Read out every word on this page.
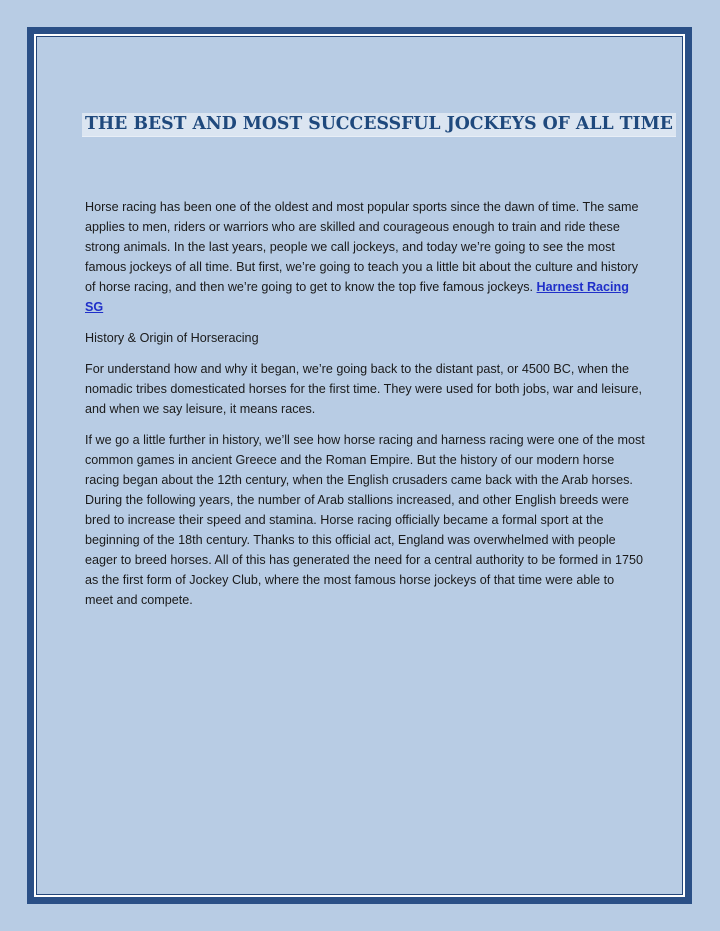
THE BEST AND MOST SUCCESSFUL JOCKEYS OF ALL TIME

Horse racing has been one of the oldest and most popular sports since the dawn of time. The same applies to men, riders or warriors who are skilled and courageous enough to train and ride these strong animals. In the last years, people we call jockeys, and today we’re going to see the most famous jockeys of all time. But first, we’re going to teach you a little bit about the culture and history of horse racing, and then we’re going to get to know the top five famous jockeys. Harnest Racing SG

History & Origin of Horseracing

For understand how and why it began, we’re going back to the distant past, or 4500 BC, when the nomadic tribes domesticated horses for the first time. They were used for both jobs, war and leisure, and when we say leisure, it means races.

If we go a little further in history, we’ll see how horse racing and harness racing were one of the most common games in ancient Greece and the Roman Empire. But the history of our modern horse racing began about the 12th century, when the English crusaders came back with the Arab horses. During the following years, the number of Arab stallions increased, and other English breeds were bred to increase their speed and stamina. Horse racing officially became a formal sport at the beginning of the 18th century. Thanks to this official act, England was overwhelmed with people eager to breed horses. All of this has generated the need for a central authority to be formed in 1750 as the first form of Jockey Club, where the most famous horse jockeys of that time were able to meet and compete.
